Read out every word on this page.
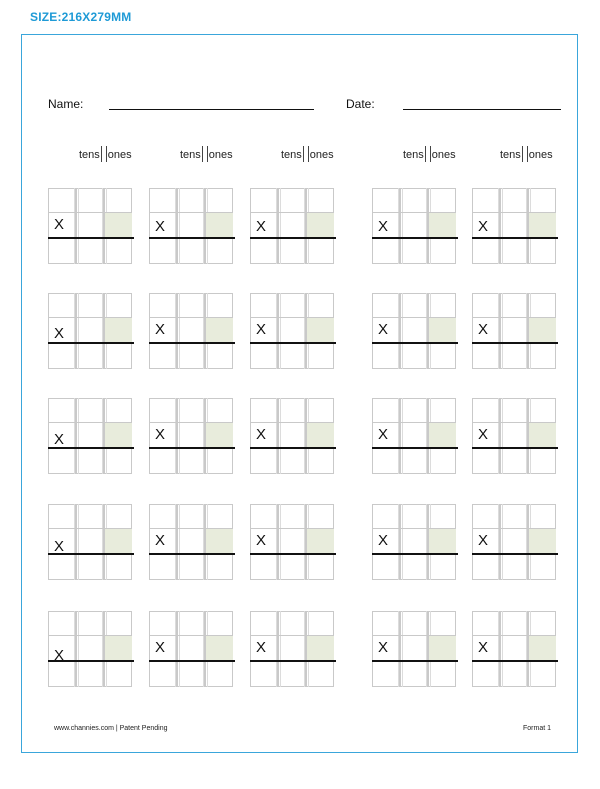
SIZE:216X279MM
Name:	Date:
tens ones	tens ones	tens ones	tens ones	tens ones
X	X	X	X	X
X	X	X	X	X
X	X	X	X	X
X	X	X	X	X
X	X	X	X	X
www.channies.com | Patent Pending	Format 1
